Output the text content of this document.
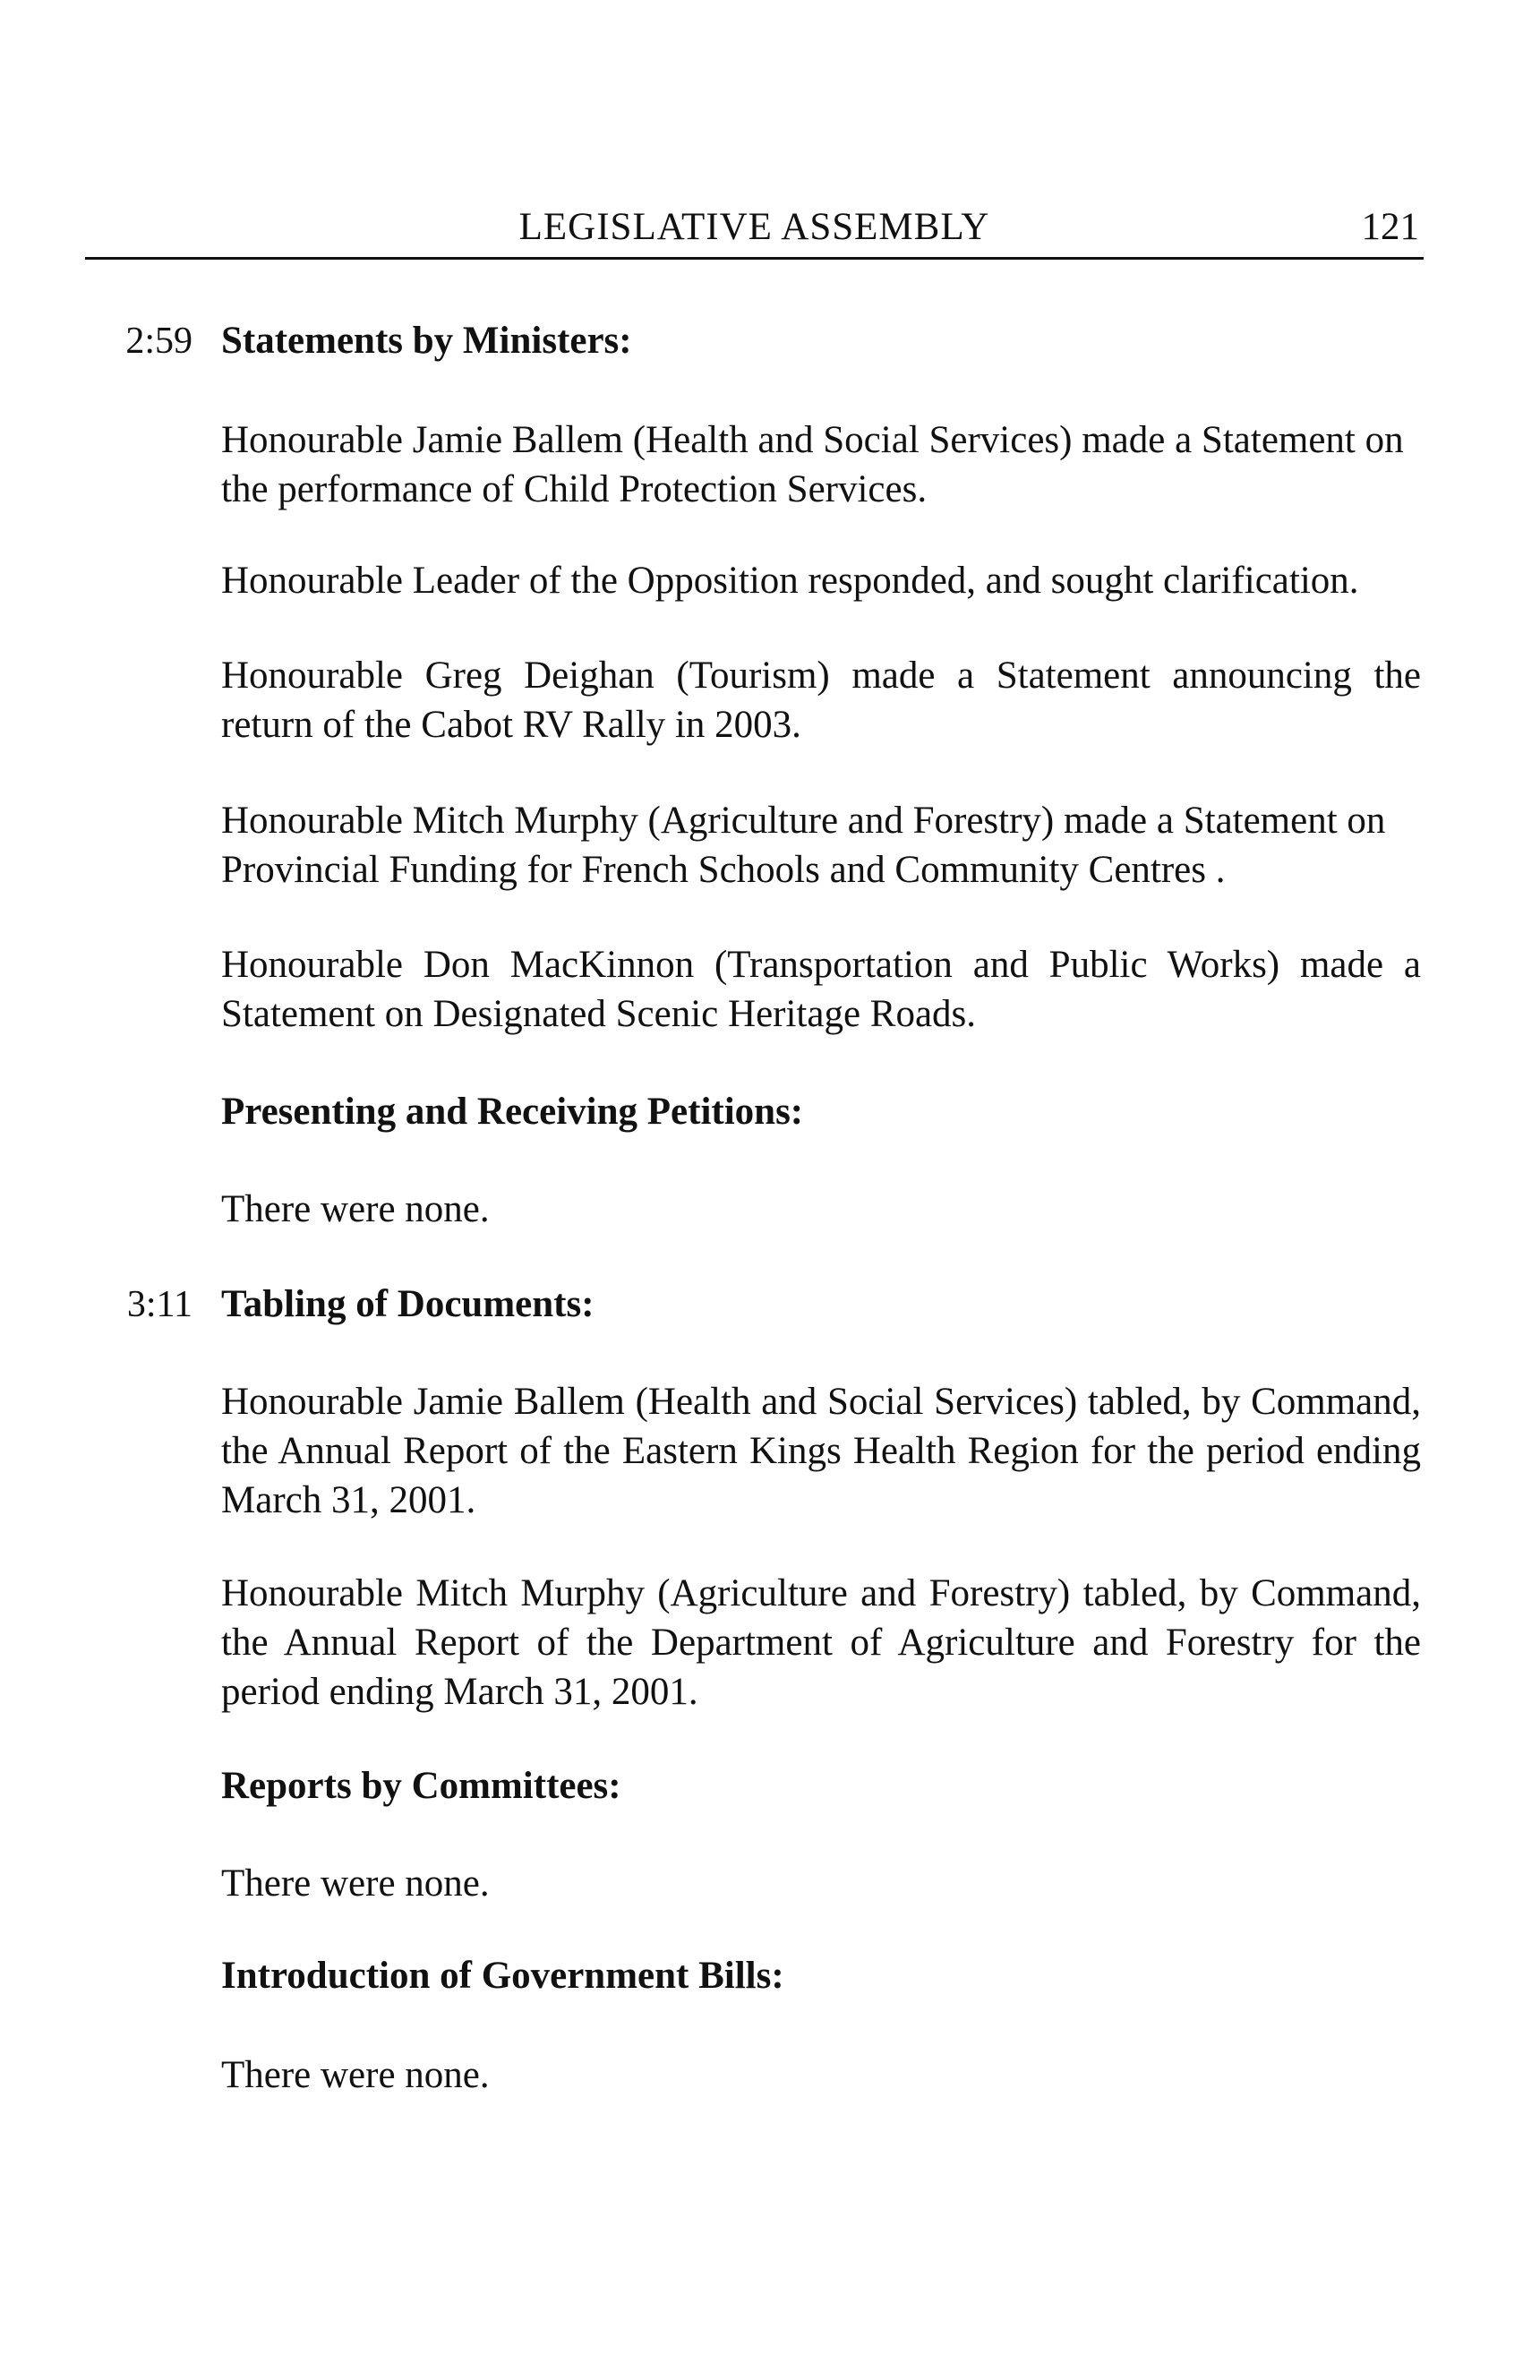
LEGISLATIVE ASSEMBLY	121
2:59 Statements by Ministers:
Honourable Jamie Ballem (Health and Social Services) made a Statement on the performance of Child Protection Services.
Honourable Leader of the Opposition responded, and sought clarification.
Honourable Greg Deighan (Tourism) made a Statement announcing the return of the Cabot RV Rally in 2003.
Honourable Mitch Murphy (Agriculture and Forestry) made a Statement on Provincial Funding for French Schools and Community Centres .
Honourable Don MacKinnon (Transportation and Public Works) made a Statement on Designated Scenic Heritage Roads.
Presenting and Receiving Petitions:
There were none.
3:11 Tabling of Documents:
Honourable Jamie Ballem (Health and Social Services) tabled, by Command, the Annual Report of the Eastern Kings Health Region for the period ending March 31, 2001.
Honourable Mitch Murphy (Agriculture and Forestry) tabled, by Command, the Annual Report of the Department of Agriculture and Forestry for the period ending March 31, 2001.
Reports by Committees:
There were none.
Introduction of Government Bills:
There were none.
